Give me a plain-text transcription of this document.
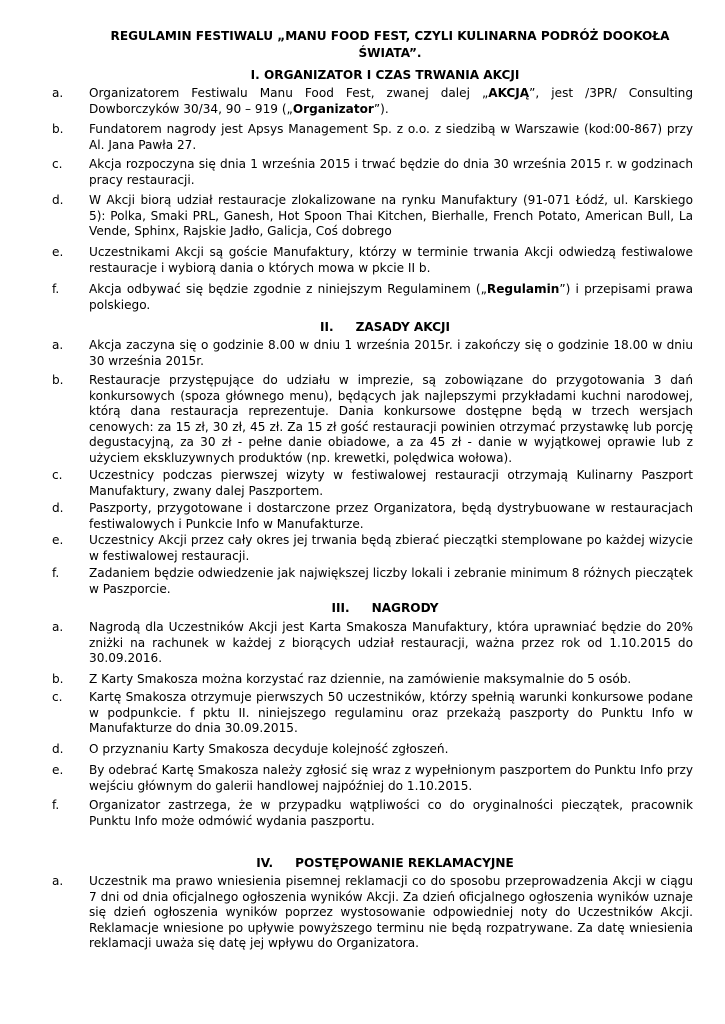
REGULAMIN FESTIWALU „MANU FOOD FEST, CZYLI KULINARNA PODRÓŻ DOOKOŁA
ŚWIATA”.
I. ORGANIZATOR I CZAS TRWANIA AKCJI
a.	Organizatorem Festiwalu Manu Food Fest, zwanej dalej „AKCJĄ”, jest /3PR/ Consulting Dowborczyków 30/34, 90 – 919 („Organizator”).
b.	Fundatorem nagrody jest Apsys Management Sp. z o.o. z siedzibą w Warszawie (kod:00-867) przy Al. Jana Pawła 27.
c.	Akcja rozpoczyna się dnia 1 września 2015 i trwać będzie do dnia 30 września 2015 r. w godzinach pracy restauracji.
d.	W Akcji biorą udział restauracje zlokalizowane na rynku Manufaktury (91-071 Łódź, ul. Karskiego 5): Polka, Smaki PRL, Ganesh, Hot Spoon Thai Kitchen, Bierhalle, French Potato, American Bull, La Vende, Sphinx, Rajskie Jadło, Galicja, Coś dobrego
e.	Uczestnikami Akcji są goście Manufaktury, którzy w terminie trwania Akcji odwiedzą festiwalowe restauracje i wybiorą dania o których mowa w pkcie II b.
f.	Akcja odbywać się będzie zgodnie z niniejszym Regulaminem („Regulamin”) i przepisami prawa polskiego.
II. ZASADY AKCJI
a.	Akcja zaczyna się o godzinie 8.00 w dniu 1 września 2015r. i zakończy się o godzinie 18.00 w dniu 30 września 2015r.
b.	Restauracje przystępujące do udziału w imprezie, są zobowiązane do przygotowania 3 dań konkursowych (spoza głównego menu), będących jak najlepszymi przykładami kuchni narodowej, którą dana restauracja reprezentuje. Dania konkursowe dostępne będą w trzech wersjach cenowych: za 15 zł, 30 zł, 45 zł. Za 15 zł gość restauracji powinien otrzymać przystawkę lub porcję degustacyjną, za 30 zł - pełne danie obiadowe, a za 45 zł - danie w wyjątkowej oprawie lub z użyciem ekskluzywnych produktów (np. krewetki, polędwica wołowa).
c.	Uczestnicy podczas pierwszej wizyty w festiwalowej restauracji otrzymają Kulinarny Paszport Manufaktury, zwany dalej Paszportem.
d.	Paszporty, przygotowane i dostarczone przez Organizatora, będą dystrybuowane w restauracjach festiwalowych i Punkcie Info w Manufakturze.
e.	Uczestnicy Akcji przez cały okres jej trwania będą zbierać pieczątki stemplowane po każdej wizycie w festiwalowej restauracji.
f.	Zadaniem będzie odwiedzenie jak największej liczby lokali i zebranie minimum 8 różnych pieczątek w Paszporcie.
III. NAGRODY
a.	Nagrodą dla Uczestników Akcji jest Karta Smakosza Manufaktury, która uprawniać będzie do 20% zniżki na rachunek w każdej z biorących udział restauracji, ważna przez rok od 1.10.2015 do 30.09.2016.
b.	Z Karty Smakosza można korzystać raz dziennie, na zamówienie maksymalnie do 5 osób.
c.	Kartę Smakosza otrzymuje pierwszych 50 uczestników, którzy spełnią warunki konkursowe podane w podpunkcie. f pktu II. niniejszego regulaminu oraz przekażą paszporty do Punktu Info w Manufakturze do dnia 30.09.2015.
d.	O przyznaniu Karty Smakosza decyduje kolejność zgłoszeń.
e.	By odebrać Kartę Smakosza należy zgłosić się wraz z wypełnionym paszportem do Punktu Info przy wejściu głównym do galerii handlowej najpóźniej do 1.10.2015.
f.	Organizator zastrzega, że w przypadku wątpliwości co do oryginalności pieczątek, pracownik Punktu Info może odmówić wydania paszportu.
IV. POSTĘPOWANIE REKLAMACYJNE
a.	Uczestnik ma prawo wniesienia pisemnej reklamacji co do sposobu przeprowadzenia Akcji w ciągu 7 dni od dnia oficjalnego ogłoszenia wyników Akcji. Za dzień oficjalnego ogłoszenia wyników uznaje się dzień ogłoszenia wyników poprzez wystosowanie odpowiedniej noty do Uczestników Akcji. Reklamacje wniesione po upływie powyższego terminu nie będą rozpatrywane. Za datę wniesienia reklamacji uważa się datę jej wpływu do Organizatora.
